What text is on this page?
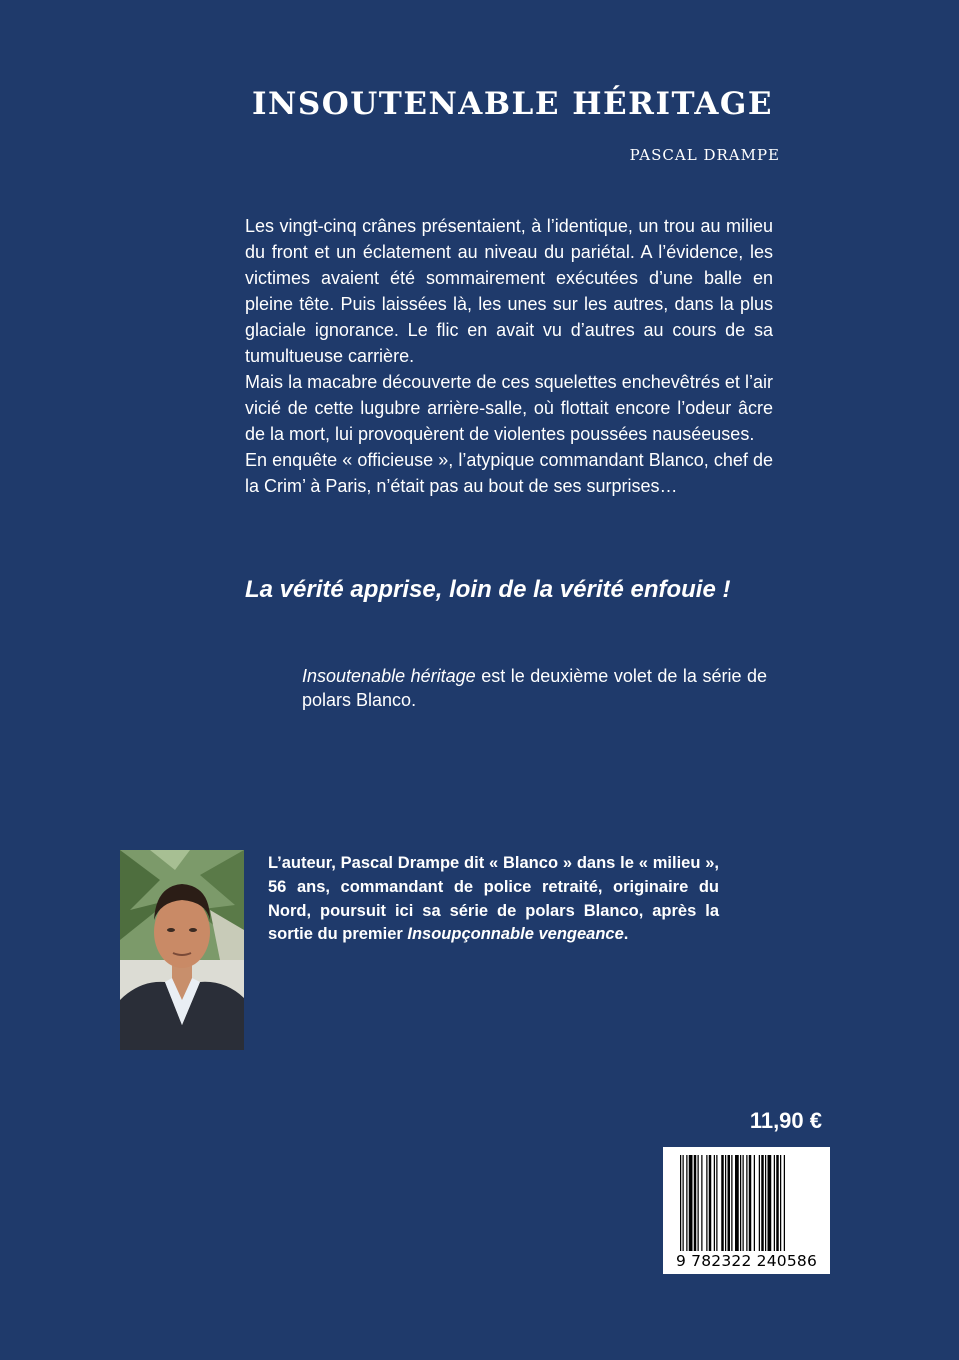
INSOUTENABLE HÉRITAGE

PASCAL DRAMPE

Les vingt-cinq crânes présentaient, à l’identique, un trou au milieu du front et un éclatement au niveau du pariétal. A l’évidence, les victimes avaient été sommairement exécutées d’une balle en pleine tête. Puis laissées là, les unes sur les autres, dans la plus glaciale ignorance. Le flic en avait vu d’autres au cours de sa tumultueuse carrière.

Mais la macabre découverte de ces squelettes enchevêtrés et l’air vicié de cette lugubre arrière-salle, où flottait encore l’odeur âcre de la mort, lui provoquèrent de violentes poussées nauséeuses.

En enquête « officieuse », l’atypique commandant Blanco, chef de la Crim’ à Paris, n’était pas au bout de ses surprises…

La vérité apprise, loin de la vérité enfouie !

Insoutenable héritage est le deuxième volet de la série de polars Blanco.

L’auteur, Pascal Drampe dit « Blanco » dans le « milieu », 56 ans, commandant de police retraité, originaire du Nord, poursuit ici sa série de polars Blanco, après la sortie du premier Insoupçonnable vengeance.

11,90 €

9 782322 240586
